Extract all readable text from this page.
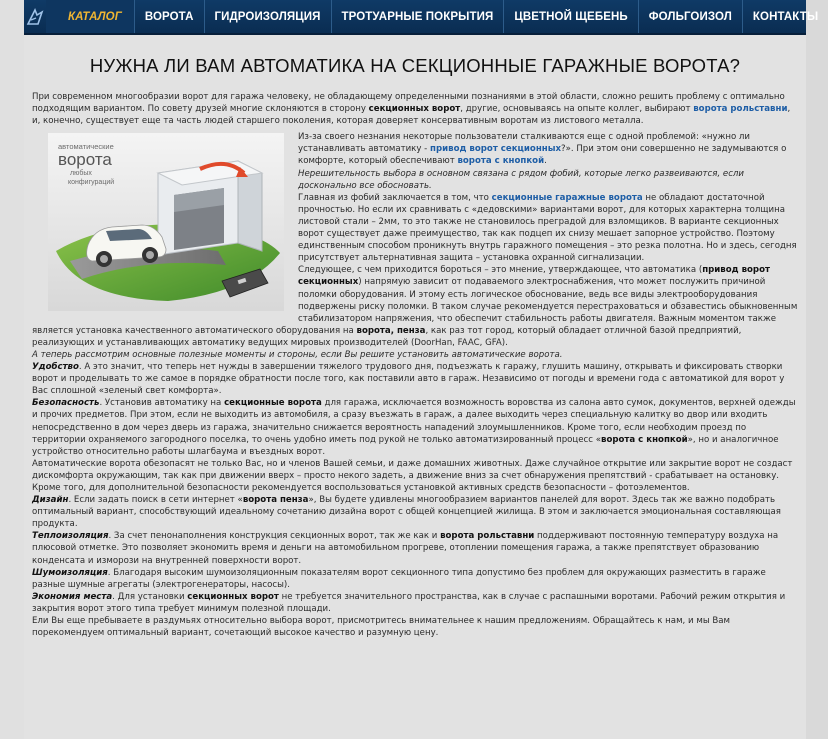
КАТАЛОГ	ВОРОТА	ГИДРОИЗОЛЯЦИЯ	ТРОТУАРНЫЕ ПОКРЫТИЯ	ЦВЕТНОЙ ЩЕБЕНЬ	ФОЛЬГОИЗОЛ	КОНТАКТЫ
НУЖНА ЛИ ВАМ АВТОМАТИКА НА СЕКЦИОННЫЕ ГАРАЖНЫЕ ВОРОТА?

При современном многообразии ворот для гаража человеку, не обладающему определенными познаниями в этой области, сложно решить проблему с оптимально подходящим вариантом. По совету друзей многие склоняются в сторону секционных ворот, другие, основываясь на опыте коллег, выбирают ворота рольставни, и, конечно, существует еще та часть людей старшего поколения, которая доверяет консервативным воротам из листового металла.

автоматические
ворота
любых
конфигураций

Из-за своего незнания некоторые пользователи сталкиваются еще с одной проблемой: «нужно ли устанавливать автоматику - привод ворот секционных?». При этом они совершенно не задумываются о комфорте, который обеспечивают ворота с кнопкой.

Нерешительность выбора в основном связана с рядом фобий, которые легко развеиваются, если досконально все обосновать.

Главная из фобий заключается в том, что секционные гаражные ворота не обладают достаточной прочностью. Но если их сравнивать с «дедовскими» вариантами ворот, для которых характерна толщина листовой стали – 2мм, то это также не становилось преградой для взломщиков. В варианте секционных ворот существует даже преимущество, так как подцеп их снизу мешает запорное устройство. Поэтому единственным способом проникнуть внутрь гаражного помещения – это резка полотна. Но и здесь, сегодня присутствует альтернативная защита – установка охранной сигнализации.

Следующее, с чем приходится бороться – это мнение, утверждающее, что автоматика (привод ворот секционных) напрямую зависит от подаваемого электроснабжения, что может послужить причиной поломки оборудования. И этому есть логическое обоснование, ведь все виды электрооборудования подвержены риску поломки. В таком случае рекомендуется перестраховаться и обзавестись обыкновенным стабилизатором напряжения, что обеспечит стабильность работы двигателя. Важным моментом также является установка качественного автоматического оборудования на ворота, пенза, как раз тот город, который обладает отличной базой предприятий, реализующих и устанавливающих автоматику ведущих мировых производителей (DoorHan, FAAC, GFA).

А теперь рассмотрим основные полезные моменты и стороны, если Вы решите установить автоматические ворота.

Удобство. А это значит, что теперь нет нужды в завершении тяжелого трудового дня, подъезжать к гаражу, глушить машину, открывать и фиксировать створки ворот и проделывать то же самое в порядке обратности после того, как поставили авто в гараж. Независимо от погоды и времени года с автоматикой для ворот у Вас сплошной «зеленый свет комфорта».

Безопасность. Установив автоматику на секционные ворота для гаража, исключается возможность воровства из салона авто сумок, документов, верхней одежды и прочих предметов. При этом, если не выходить из автомобиля, а сразу въезжать в гараж, а далее выходить через специальную калитку во двор или входить непосредственно в дом через дверь из гаража, значительно снижается вероятность нападений злоумышленников. Кроме того, если необходим проезд по территории охраняемого загородного поселка, то очень удобно иметь под рукой не только автоматизированный процесс «ворота с кнопкой», но и аналогичное устройство относительно работы шлагбаума и въездных ворот.

Автоматические ворота обезопасят не только Вас, но и членов Вашей семьи, и даже домашних животных. Даже случайное открытие или закрытие ворот не создаст дискомфорта окружающим, так как при движении вверх – просто некого задеть, а движение вниз за счет обнаружения препятствий - срабатывает на остановку. Кроме того, для дополнительной безопасности рекомендуется воспользоваться установкой активных средств безопасности – фотоэлементов.

Дизайн. Если задать поиск в сети интернет «ворота пенза», Вы будете удивлены многообразием вариантов панелей для ворот. Здесь так же важно подобрать оптимальный вариант, способствующий идеальному сочетанию дизайна ворот с общей концепцией жилища. В этом и заключается эмоциональная составляющая продукта.

Теплоизоляция. За счет пенонаполнения конструкция секционных ворот, так же как и ворота рольставни поддерживают постоянную температуру воздуха на плюсовой отметке. Это позволяет экономить время и деньги на автомобильном прогреве, отоплении помещения гаража, а также препятствует образованию конденсата и изморози на внутренней поверхности ворот.

Шумоизоляция. Благодаря высоким шумоизоляционным показателям ворот секционного типа допустимо без проблем для окружающих разместить в гараже разные шумные агрегаты (электрогенераторы, насосы).

Экономия места. Для установки секционных ворот не требуется значительного пространства, как в случае с распашными воротами. Рабочий режим открытия и закрытия ворот этого типа требует минимум полезной площади.

Ели Вы еще пребываете в раздумьях относительно выбора ворот, присмотритесь внимательнее к нашим предложениям. Обращайтесь к нам, и мы Вам порекомендуем оптимальный вариант, сочетающий высокое качество и разумную цену.
